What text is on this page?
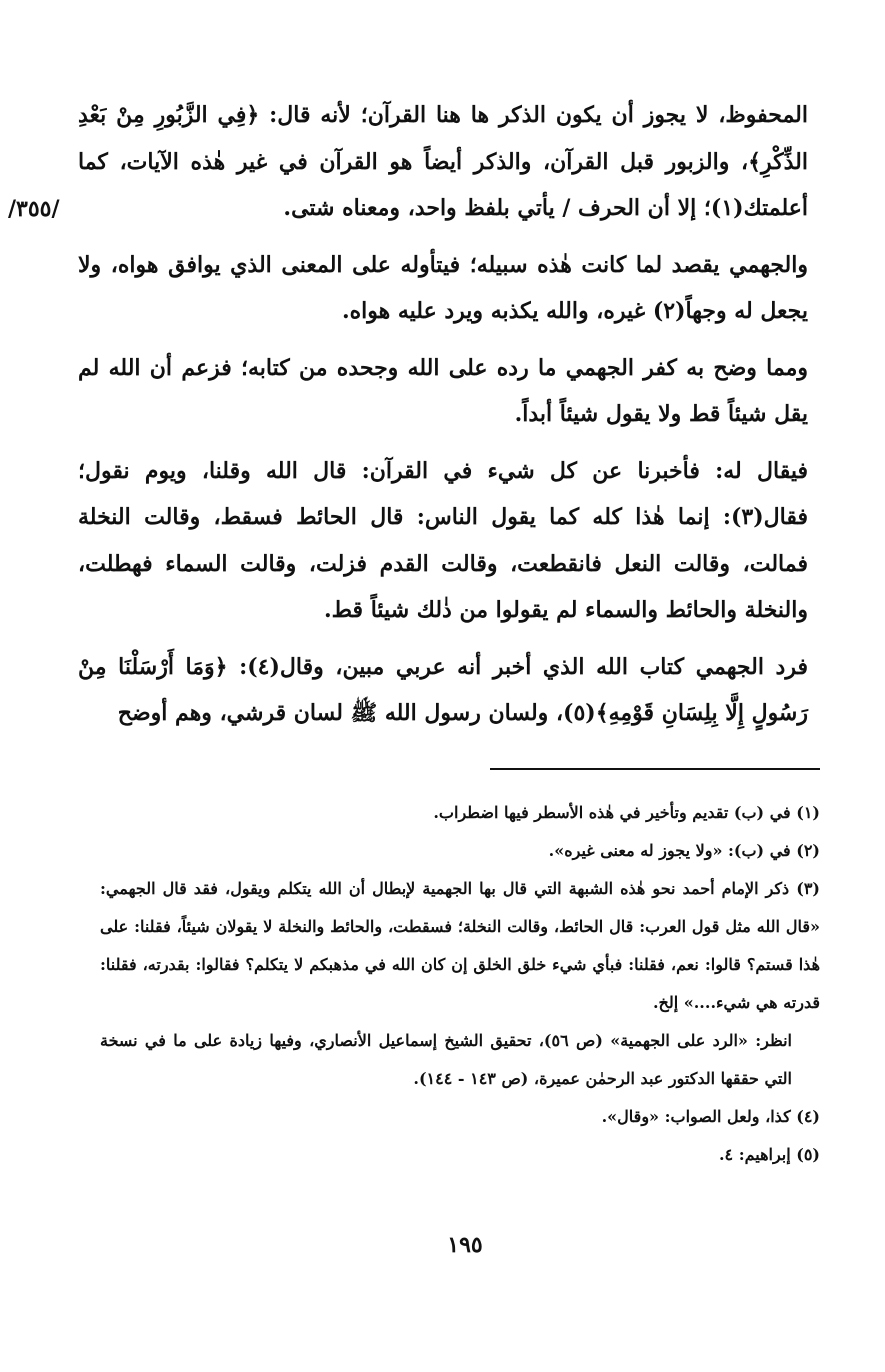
/٣٥٥/

المحفوظ، لا يجوز أن يكون الذكر ها هنا القرآن؛ لأنه قال: ﴿فِي الزَّبُورِ مِنْ بَعْدِ الذِّكْرِ﴾، والزبور قبل القرآن، والذكر أيضاً هو القرآن في غير هٰذه الآيات، كما أعلمتك(١)؛ إلا أن الحرف / يأتي بلفظ واحد، ومعناه شتى.

والجهمي يقصد لما كانت هٰذه سبيله؛ فيتأوله على المعنى الذي يوافق هواه، ولا يجعل له وجهاً(٢) غيره، والله يكذبه ويرد عليه هواه.

ومما وضح به كفر الجهمي ما رده على الله وجحده من كتابه؛ فزعم أن الله لم يقل شيئاً قط ولا يقول شيئاً أبداً.

فيقال له: فأخبرنا عن كل شيء في القرآن: قال الله وقلنا، ويوم نقول؛ فقال(٣): إنما هٰذا كله كما يقول الناس: قال الحائط فسقط، وقالت النخلة فمالت، وقالت النعل فانقطعت، وقالت القدم فزلت، وقالت السماء فهطلت، والنخلة والحائط والسماء لم يقولوا من ذٰلك شيئاً قط.

فرد الجهمي كتاب الله الذي أخبر أنه عربي مبين، وقال(٤): ﴿وَمَا أَرْسَلْنَا مِنْ رَسُولٍ إِلَّا بِلِسَانِ قَوْمِهِ﴾(٥)، ولسان رسول الله ﷺ لسان قرشي، وهم أوضح

(١) في (ب) تقديم وتأخير في هٰذه الأسطر فيها اضطراب.

(٢) في (ب): «ولا يجوز له معنى غيره».

(٣) ذكر الإمام أحمد نحو هٰذه الشبهة التي قال بها الجهمية لإبطال أن الله يتكلم ويقول، فقد قال الجهمي: «قال الله مثل قول العرب: قال الحائط، وقالت النخلة؛ فسقطت، والحائط والنخلة لا يقولان شيئاً، فقلنا: على هٰذا قستم؟ قالوا: نعم، فقلنا: فبأي شيء خلق الخلق إن كان الله في مذهبكم لا يتكلم؟ فقالوا: بقدرته، فقلنا: قدرته هي شيء....» إلخ.

انظر: «الرد على الجهمية» (ص ٥٦)، تحقيق الشيخ إسماعيل الأنصاري، وفيها زيادة على ما في نسخة التي حققها الدكتور عبد الرحمٰن عميرة، (ص ١٤٣ - ١٤٤).

(٤) كذا، ولعل الصواب: «وقال».

(٥) إبراهيم: ٤.

١٩٥
